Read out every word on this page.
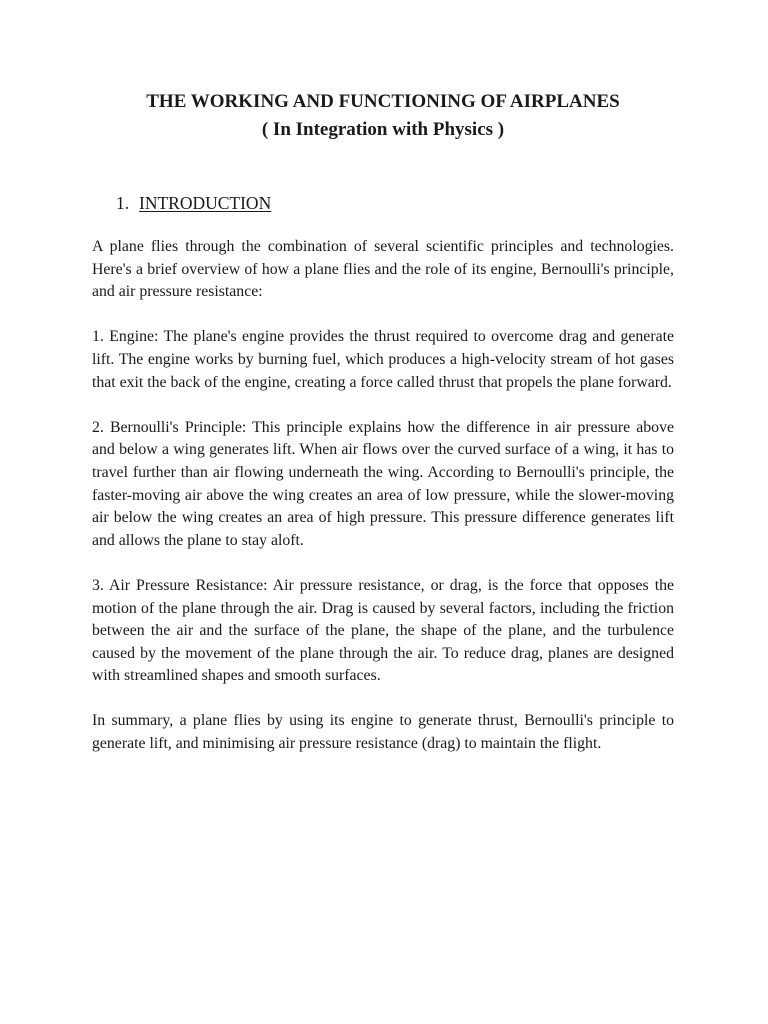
THE WORKING AND FUNCTIONING OF AIRPLANES
( In Integration with Physics )
1. INTRODUCTION

A plane flies through the combination of several scientific principles and technologies. Here's a brief overview of how a plane flies and the role of its engine, Bernoulli's principle, and air pressure resistance:

1. Engine: The plane's engine provides the thrust required to overcome drag and generate lift. The engine works by burning fuel, which produces a high-velocity stream of hot gases that exit the back of the engine, creating a force called thrust that propels the plane forward.

2. Bernoulli's Principle: This principle explains how the difference in air pressure above and below a wing generates lift. When air flows over the curved surface of a wing, it has to travel further than air flowing underneath the wing. According to Bernoulli's principle, the faster-moving air above the wing creates an area of low pressure, while the slower-moving air below the wing creates an area of high pressure. This pressure difference generates lift and allows the plane to stay aloft.

3. Air Pressure Resistance: Air pressure resistance, or drag, is the force that opposes the motion of the plane through the air. Drag is caused by several factors, including the friction between the air and the surface of the plane, the shape of the plane, and the turbulence caused by the movement of the plane through the air. To reduce drag, planes are designed with streamlined shapes and smooth surfaces.

In summary, a plane flies by using its engine to generate thrust, Bernoulli's principle to generate lift, and minimising air pressure resistance (drag) to maintain the flight.
